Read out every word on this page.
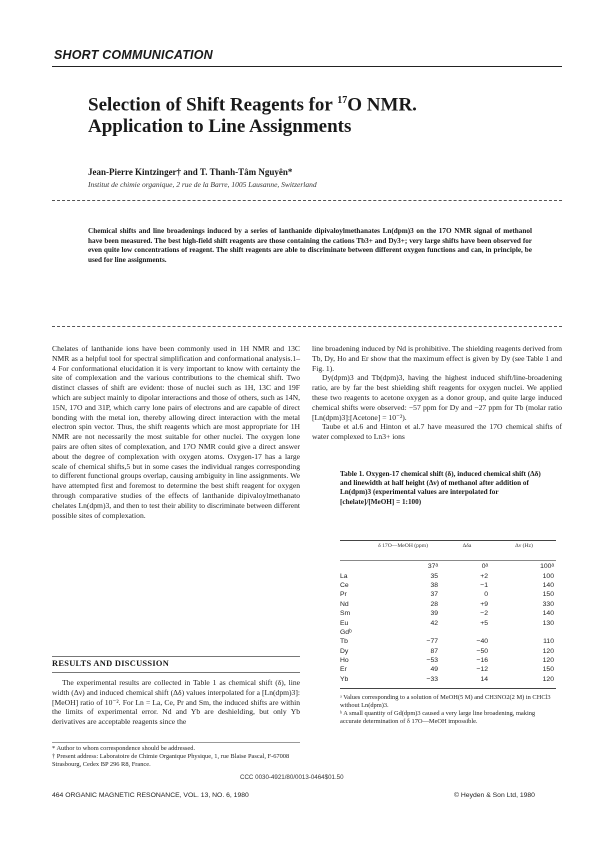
SHORT COMMUNICATION
Selection of Shift Reagents for $^{17}$O NMR.
Application to Line Assignments
Jean-Pierre Kintzinger† and T. Thanh-Tâm Nguyên*
Institut de chimie organique, 2 rue de la Barre, 1005 Lausanne, Switzerland
Chemical shifts and line broadenings induced by a series of lanthanide dipivaloylmethanates Ln(dpm)3 on the 17O NMR signal of methanol have been measured. The best high-field shift reagents are those containing the cations Tb3+ and Dy3+; very large shifts have been observed for even quite low concentrations of reagent. The shift reagents are able to discriminate between different oxygen functions and can, in principle, be used for line assignments.

Chelates of lanthanide ions have been commonly used in 1H NMR and 13C NMR as a helpful tool for spectral simplification and conformational analysis.1–4 For conformational elucidation it is very important to know with certainty the site of complexation and the various contributions to the chemical shift. Two distinct classes of shift are evident: those of nuclei such as 1H, 13C and 19F which are subject mainly to dipolar interactions and those of others, such as 14N, 15N, 17O and 31P, which carry lone pairs of electrons and are capable of direct bonding with the metal ion, thereby allowing direct interaction with the metal electron spin vector. Thus, the shift reagents which are most appropriate for 1H NMR are not necessarily the most suitable for other nuclei. The oxygen lone pairs are often sites of complexation, and 17O NMR could give a direct answer about the degree of complexation with oxygen atoms. Oxygen-17 has a large scale of chemical shifts,5 but in some cases the individual ranges corresponding to different functional groups overlap, causing ambiguity in line assignments. We have attempted first and foremost to determine the best shift reagent for oxygen through comparative studies of the effects of lanthanide dipivaloylmethanato chelates Ln(dpm)3, and then to test their ability to discriminate between different possible sites of complexation.

RESULTS AND DISCUSSION

The experimental results are collected in Table 1 as chemical shift (δ), line width (Δν) and induced chemical shift (Δδ) values interpolated for a [Ln(dpm)3]:[MeOH] ratio of 10⁻². For Ln = La, Ce, Pr and Sm, the induced shifts are within the limits of experimental error. Nd and Yb are deshielding, but only Yb derivatives are acceptable reagents since the

* Author to whom correspondence should be addressed.
† Present address: Laboratoire de Chimie Organique Physique, 1, rue Blaise Pascal, F-67008 Strasbourg, Cedex BP 296 R8, France.

line broadening induced by Nd is prohibitive. The shielding reagents derived from Tb, Dy, Ho and Er show that the maximum effect is given by Dy (see Table 1 and Fig. 1).

Dy(dpm)3 and Tb(dpm)3, having the highest induced shift/line-broadening ratio, are by far the best shielding shift reagents for oxygen nuclei. We applied these two reagents to acetone oxygen as a donor group, and quite large induced chemical shifts were observed: −57 ppm for Dy and −27 ppm for Tb (molar ratio [Ln(dpm)3]:[Acetone] = 10⁻²).

Taube et al.6 and Hinton et al.7 have measured the 17O chemical shifts of water complexed to Ln3+ ions

Table 1. Oxygen-17 chemical shift (δ), induced chemical shift (Δδ) and linewidth at half height (Δν) of methanol after addition of Ln(dpm)3 (experimental values are interpolated for [chelate]/[MeOH] = 1:100)
δ 17O—MeOH (ppm)	Δδa	Δν (Hz)
	37ᵃ	0ᵃ	100ᵃ
La	35	+2	100
Ce	38	−1	140
Pr	37	0	150
Nd	28	+9	330
Sm	39	−2	140
Eu	42	+5	130
Gdᵇ			
Tb	−77	−40	110
Dy	87	−50	120
Ho	−53	−16	120
Er	49	−12	150
Yb	−33	14	120
ᵃ Values corresponding to a solution of MeOH(5 M) and CH3NO2(2 M) in CHCl3 without Ln(dpm)3.
ᵇ A small quantity of Gd(dpm)3 caused a very large line broadening, making accurate determination of δ 17O—MeOH impossible.
CCC 0030-4921/80/0013-0464$01.50
464 ORGANIC MAGNETIC RESONANCE, VOL. 13, NO. 6, 1980	© Heyden & Son Ltd, 1980
